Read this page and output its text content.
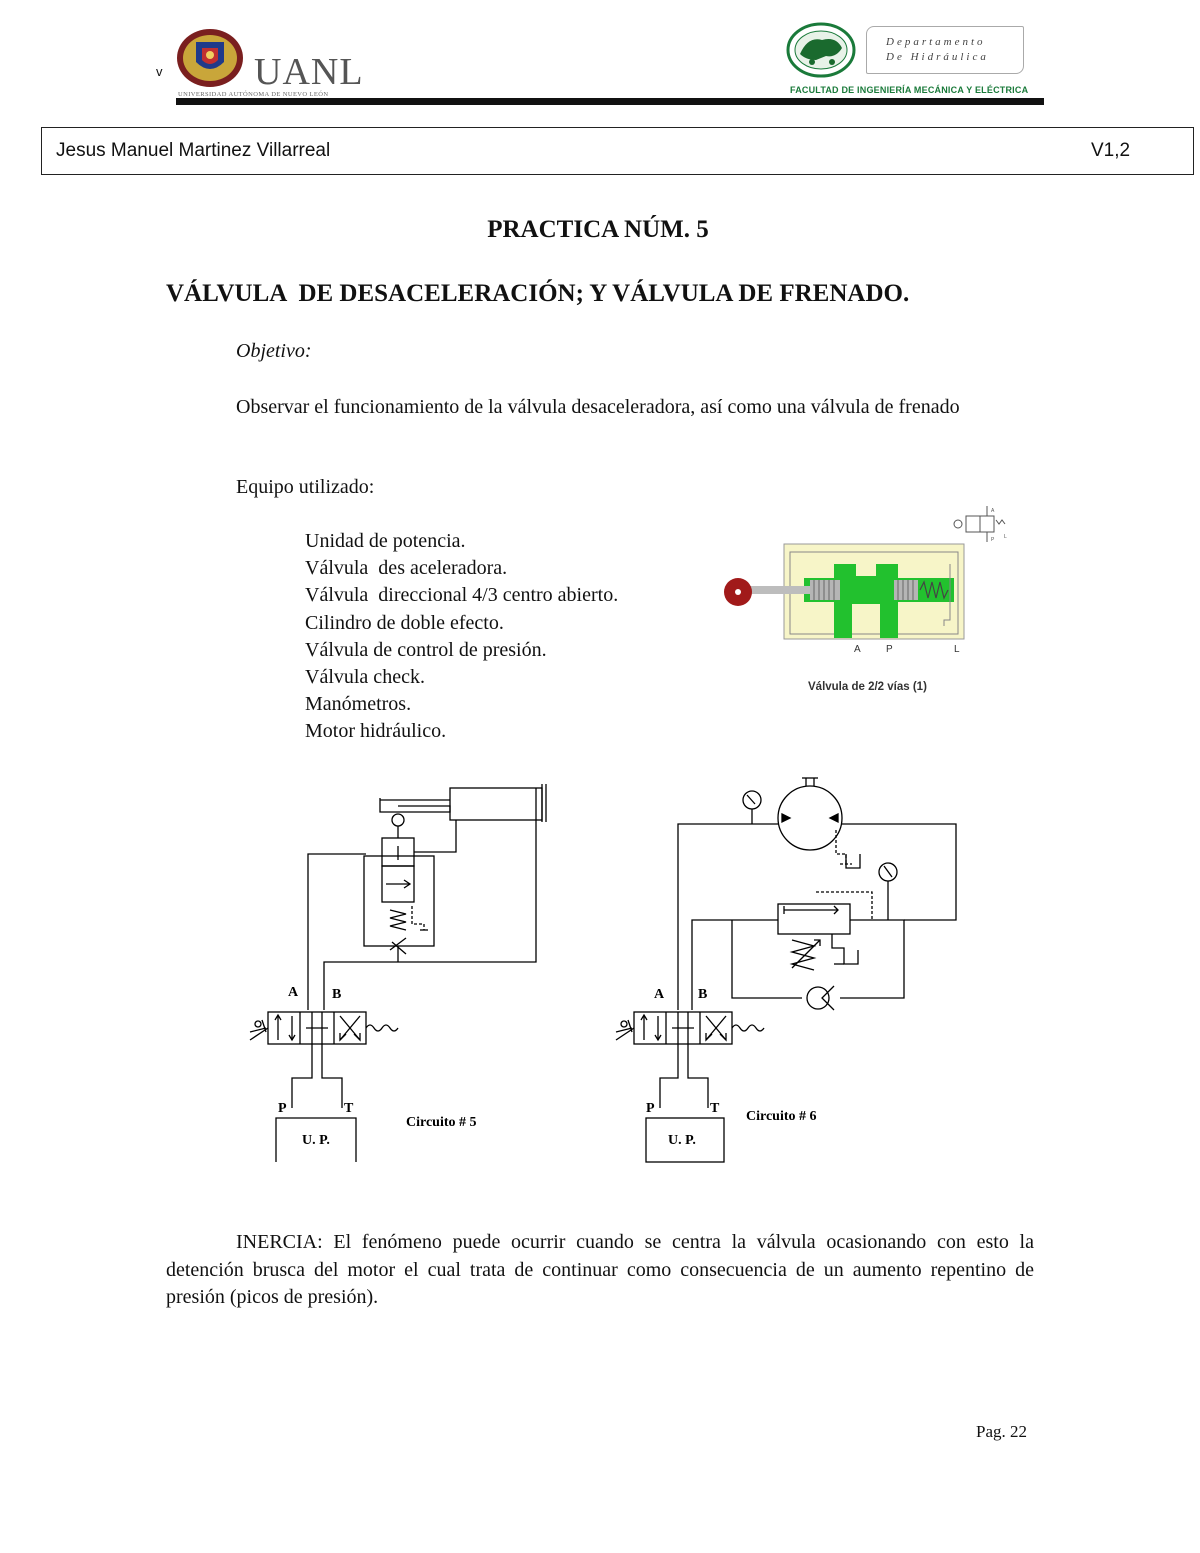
v UANL
UNIVERSIDAD AUTÓNOMA DE NUEVO LEÓN
Departamento
De Hidráulica
FACULTAD DE INGENIERÍA MECÁNICA Y ELÉCTRICA
Jesus Manuel Martinez Villarreal	V1,2
PRACTICA NÚM. 5
VÁLVULA  DE DESACELERACIÓN; Y VÁLVULA DE FRENADO.
Objetivo:
Observar el funcionamiento de la válvula desaceleradora, así como una válvula de frenado
Equipo utilizado:
Unidad de potencia.
Válvula  des aceleradora.
Válvula  direccional 4/3 centro abierto.
Cilindro de doble efecto.
Válvula de control de presión.
Válvula check.
Manómetros.
Motor hidráulico.
A
P L
A	P	L
Válvula de 2/2 vías (1)
A B
P	T
U. P.
Circuito # 5
A B
P	T
U. P.
Circuito # 6
INERCIA: El fenómeno puede ocurrir cuando se centra la válvula ocasionando con esto la detención brusca del motor el cual trata de continuar como consecuencia de un aumento repentino de presión (picos de presión).
Pag. 22
